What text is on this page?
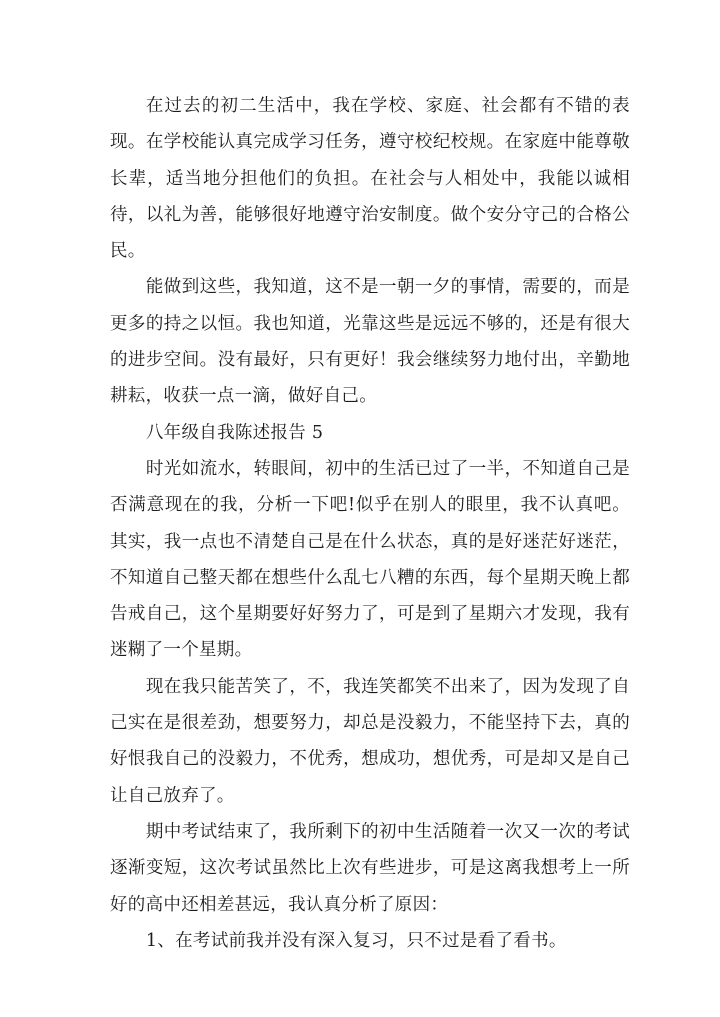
在过去的初二生活中，我在学校、家庭、社会都有不错的表现。在学校能认真完成学习任务，遵守校纪校规。在家庭中能尊敬长辈，适当地分担他们的负担。在社会与人相处中，我能以诚相待，以礼为善，能够很好地遵守治安制度。做个安分守己的合格公民。

能做到这些，我知道，这不是一朝一夕的事情，需要的，而是更多的持之以恒。我也知道，光靠这些是远远不够的，还是有很大的进步空间。没有最好，只有更好！我会继续努力地付出，辛勤地耕耘，收获一点一滴，做好自己。

八年级自我陈述报告 5

时光如流水，转眼间，初中的生活已过了一半，不知道自己是否满意现在的我，分析一下吧!似乎在别人的眼里，我不认真吧。其实，我一点也不清楚自己是在什么状态，真的是好迷茫好迷茫，不知道自己整天都在想些什么乱七八糟的东西，每个星期天晚上都告戒自己，这个星期要好好努力了，可是到了星期六才发现，我有迷糊了一个星期。

现在我只能苦笑了，不，我连笑都笑不出来了，因为发现了自己实在是很差劲，想要努力，却总是没毅力，不能坚持下去，真的好恨我自己的没毅力，不优秀，想成功，想优秀，可是却又是自己让自己放弃了。

期中考试结束了，我所剩下的初中生活随着一次又一次的考试逐渐变短，这次考试虽然比上次有些进步，可是这离我想考上一所好的高中还相差甚远，我认真分析了原因：

1、在考试前我并没有深入复习，只不过是看了看书。
